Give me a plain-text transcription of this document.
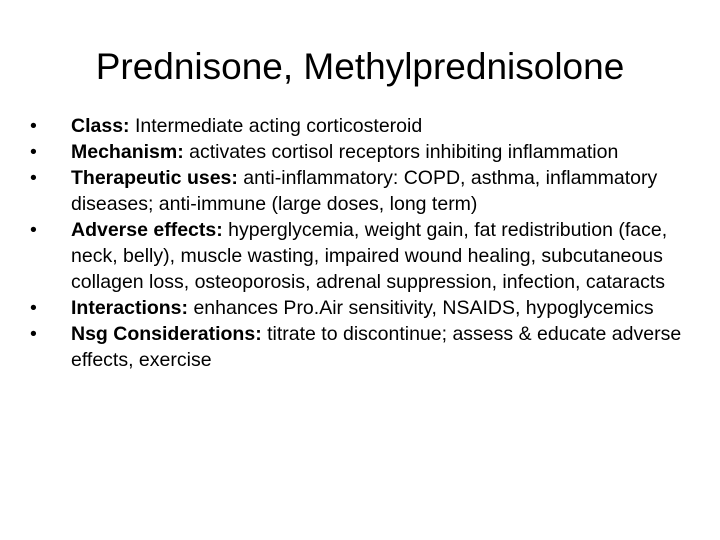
Prednisone, Methylprednisolone
•	Class: Intermediate acting corticosteroid
•	Mechanism: activates cortisol receptors inhibiting inflammation
•	Therapeutic uses: anti-inflammatory: COPD, asthma, inflammatory diseases; anti-immune (large doses, long term)
•	Adverse effects: hyperglycemia, weight gain, fat redistribution (face, neck, belly), muscle wasting, impaired wound healing, subcutaneous collagen loss, osteoporosis, adrenal suppression, infection, cataracts
•	Interactions: enhances Pro.Air sensitivity, NSAIDS, hypoglycemics
•	Nsg Considerations: titrate to discontinue; assess & educate adverse effects, exercise
